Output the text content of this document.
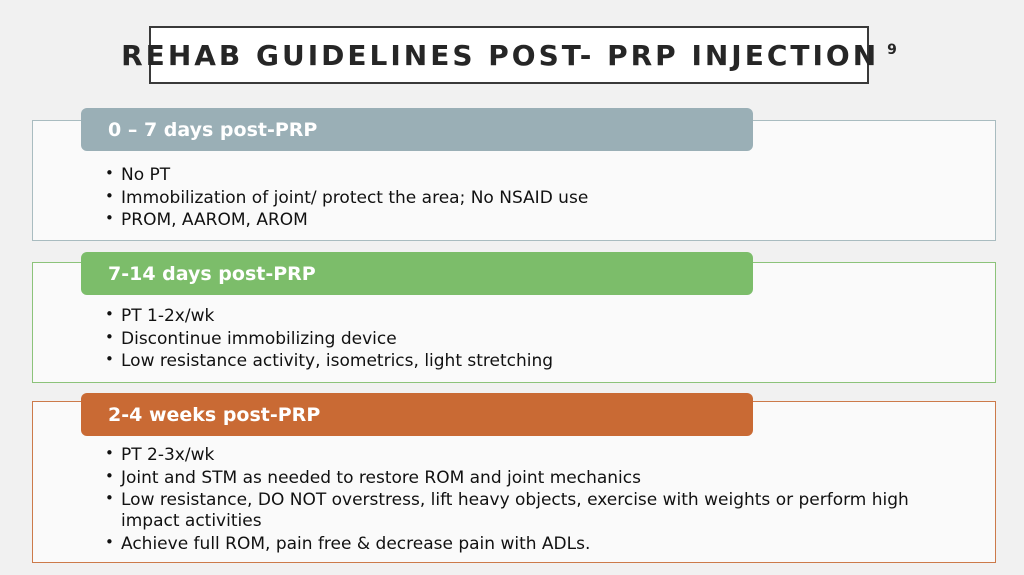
REHAB GUIDELINES POST- PRP INJECTION $^9$
0 – 7 days post-PRP
• No PT
• Immobilization of joint/ protect the area; No NSAID use
• PROM, AAROM, AROM
7-14 days post-PRP
• PT 1-2x/wk
• Discontinue immobilizing device
• Low resistance activity, isometrics, light stretching
2-4 weeks post-PRP
• PT 2-3x/wk
• Joint and STM as needed to restore ROM and joint mechanics
• Low resistance, DO NOT overstress, lift heavy objects, exercise with weights or perform high impact activities
• Achieve full ROM, pain free & decrease pain with ADLs.
